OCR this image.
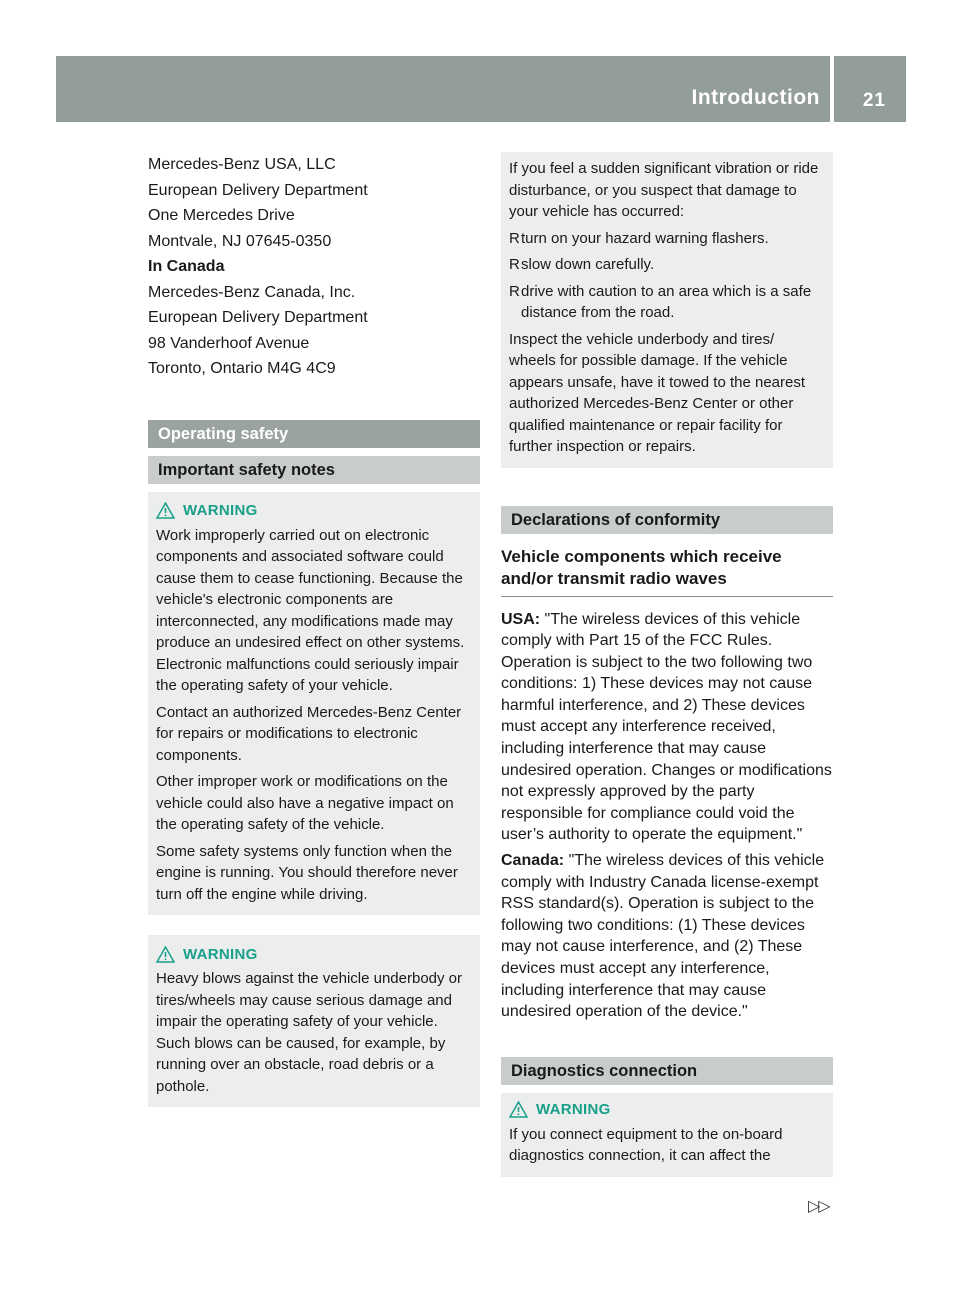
Introduction 21
Mercedes-Benz USA, LLC
European Delivery Department
One Mercedes Drive
Montvale, NJ 07645-0350
In Canada
Mercedes-Benz Canada, Inc.
European Delivery Department
98 Vanderhoof Avenue
Toronto, Ontario M4G 4C9
Operating safety
Important safety notes
WARNING
Work improperly carried out on electronic components and associated software could cause them to cease functioning. Because the vehicle's electronic components are interconnected, any modifications made may produce an undesired effect on other systems. Electronic malfunctions could seriously impair the operating safety of your vehicle.
Contact an authorized Mercedes-Benz Center for repairs or modifications to electronic components.
Other improper work or modifications on the vehicle could also have a negative impact on the operating safety of the vehicle.
Some safety systems only function when the engine is running. You should therefore never turn off the engine while driving.
WARNING
Heavy blows against the vehicle underbody or tires/wheels may cause serious damage and impair the operating safety of your vehicle. Such blows can be caused, for example, by running over an obstacle, road debris or a pothole.
If you feel a sudden significant vibration or ride disturbance, or you suspect that damage to your vehicle has occurred:
R turn on your hazard warning flashers.
R slow down carefully.
R drive with caution to an area which is a safe distance from the road.
Inspect the vehicle underbody and tires/ wheels for possible damage. If the vehicle appears unsafe, have it towed to the nearest authorized Mercedes-Benz Center or other qualified maintenance or repair facility for further inspection or repairs.
Declarations of conformity
Vehicle components which receive and/or transmit radio waves
USA: "The wireless devices of this vehicle comply with Part 15 of the FCC Rules. Operation is subject to the two following two conditions: 1) These devices may not cause harmful interference, and 2) These devices must accept any interference received, including interference that may cause undesired operation. Changes or modifications not expressly approved by the party responsible for compliance could void the user’s authority to operate the equipment."
Canada: "The wireless devices of this vehicle comply with Industry Canada license-exempt RSS standard(s). Operation is subject to the following two conditions: (1) These devices may not cause interference, and (2) These devices must accept any interference, including interference that may cause undesired operation of the device."
Diagnostics connection
WARNING
If you connect equipment to the on-board diagnostics connection, it can affect the
▷▷
